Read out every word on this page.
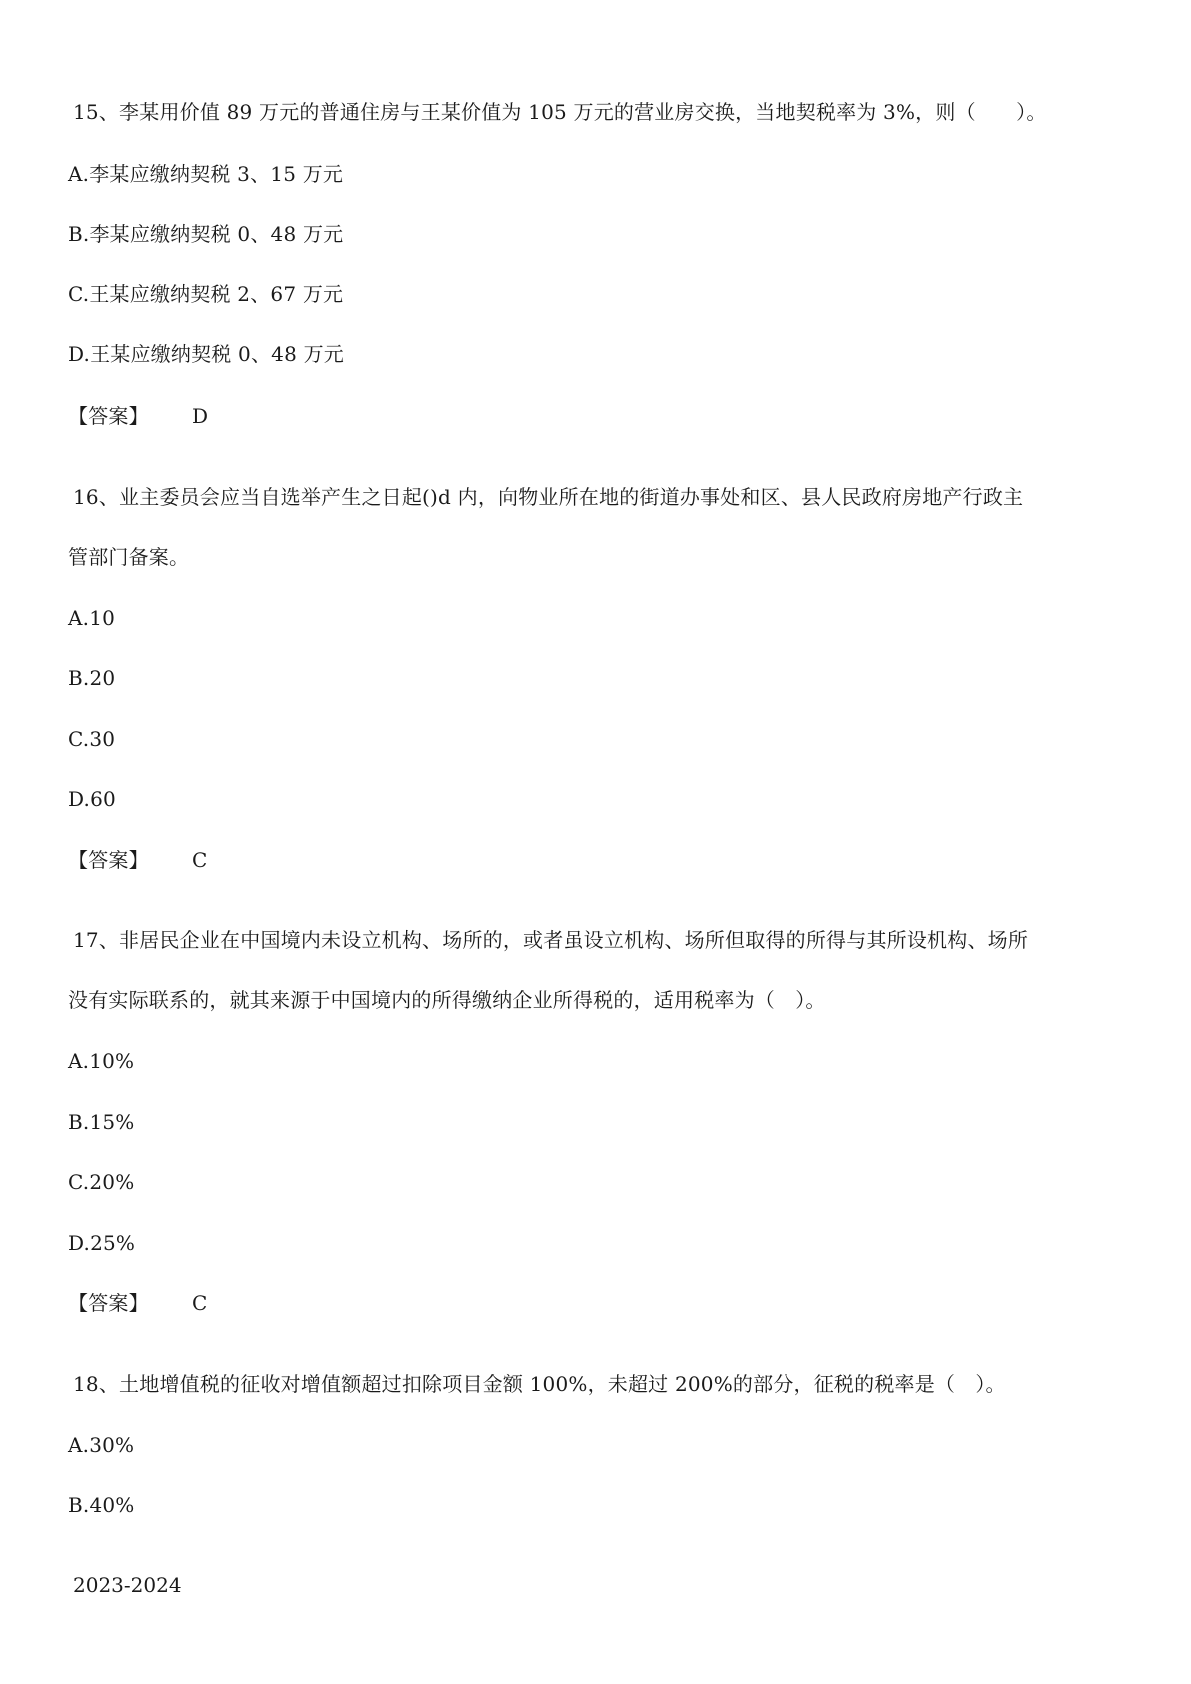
15、李某用价值 89 万元的普通住房与王某价值为 105 万元的营业房交换，当地契税率为 3%，则（　　）。
A.李某应缴纳契税 3、15 万元
B.李某应缴纳契税 0、48 万元
C.王某应缴纳契税 2、67 万元
D.王某应缴纳契税 0、48 万元
【答案】 D
16、业主委员会应当自选举产生之日起()d 内，向物业所在地的街道办事处和区、县人民政府房地产行政主
管部门备案。
A.10
B.20
C.30
D.60
【答案】 C
17、非居民企业在中国境内未设立机构、场所的，或者虽设立机构、场所但取得的所得与其所设机构、场所
没有实际联系的，就其来源于中国境内的所得缴纳企业所得税的，适用税率为（　）。
A.10%
B.15%
C.20%
D.25%
【答案】 C
18、土地增值税的征收对增值额超过扣除项目金额 100%，未超过 200%的部分，征税的税率是（　）。
A.30%
B.40%
2023-2024
